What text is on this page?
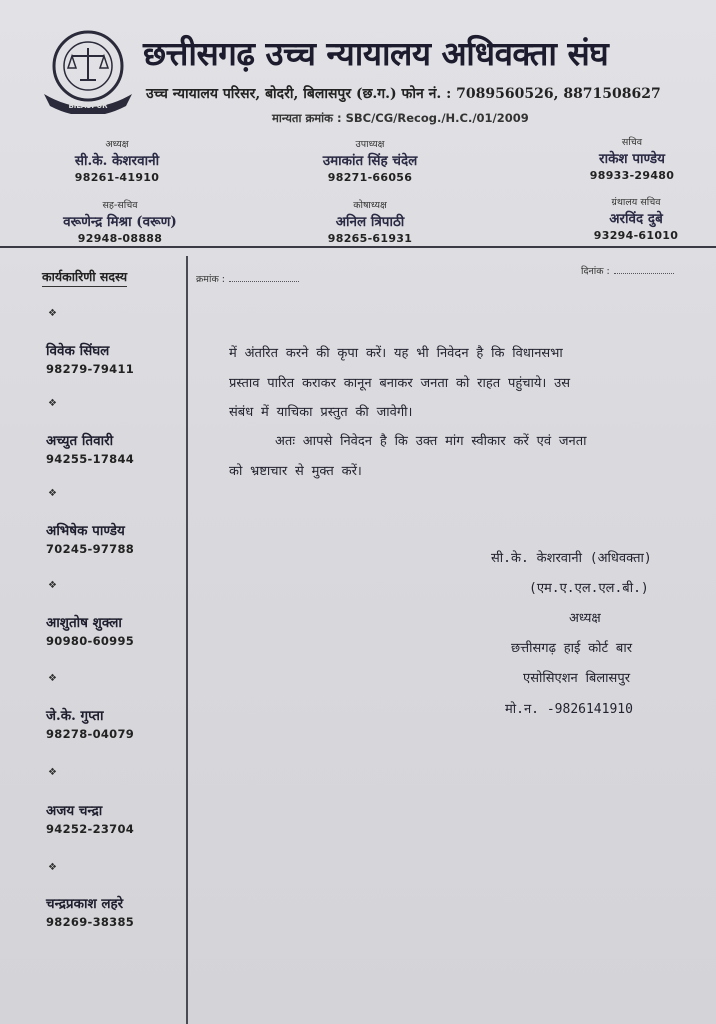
BILASPUR
छत्तीसगढ़ उच्च न्यायालय अधिवक्ता संघ
उच्च न्यायालय परिसर, बोदरी, बिलासपुर (छ.ग.) फोन नं. : 7089560526, 8871508627
मान्यता क्रमांक : SBC/CG/Recog./H.C./01/2009
अध्यक्ष
सी.के. केशरवानी
98261-41910
उपाध्यक्ष
उमाकांत सिंह चंदेल
98271-66056
सचिव
राकेश पाण्डेय
98933-29480
सह-सचिव
वरूणेन्द्र मिश्रा (वरूण)
92948-08888
कोषाध्यक्ष
अनिल त्रिपाठी
98265-61931
ग्रंथालय सचिव
अरविंद दुबे
93294-61010
कार्यकारिणी सदस्य	क्रमांक :
दिनांक :
❖
विवेक सिंघल
98279-79411
❖
अच्युत तिवारी
94255-17844
❖
अभिषेक पाण्डेय
70245-97788
❖
आशुतोष शुक्ला
90980-60995
❖
जे.के. गुप्ता
98278-04079
❖
अजय चन्द्रा
94252-23704
❖
चन्द्रप्रकाश लहरे
98269-38385
में अंतरित करने की कृपा करें। यह भी निवेदन है कि विधानसभा
प्रस्ताव पारित कराकर कानून बनाकर जनता को राहत पहुंचाये। उस
संबंध में याचिका प्रस्तुत की जावेगी।
अतः आपसे निवेदन है कि उक्त मांग स्वीकार करें एवं जनता
को भ्रष्टाचार से मुक्त करें।
सी.के. केशरवानी (अधिवक्ता)
(एम.ए.एल.एल.बी.)
अध्यक्ष
छत्तीसगढ़ हाई कोर्ट बार
एसोसिएशन बिलासपुर
मो.न. -9826141910
